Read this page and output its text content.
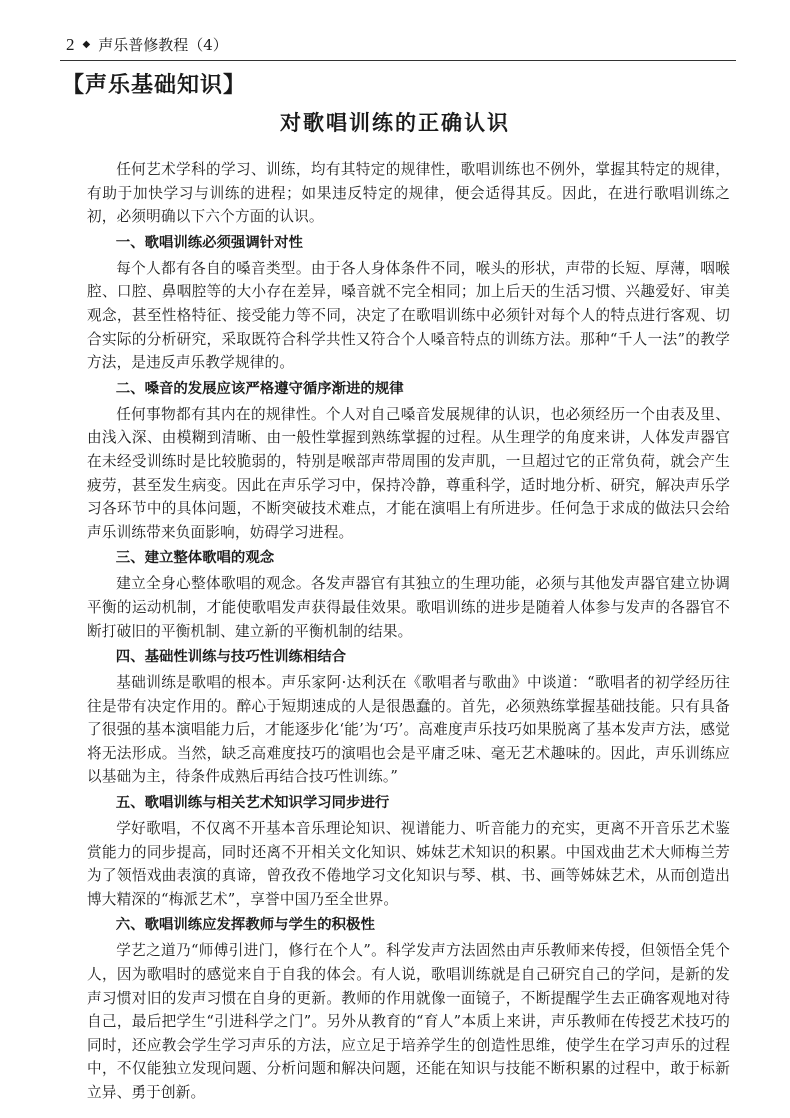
2 ◆ 声乐普修教程（4）
【声乐基础知识】
对歌唱训练的正确认识

任何艺术学科的学习、训练，均有其特定的规律性，歌唱训练也不例外，掌握其特定的规律，有助于加快学习与训练的进程；如果违反特定的规律，便会适得其反。因此，在进行歌唱训练之初，必须明确以下六个方面的认识。

一、歌唱训练必须强调针对性

每个人都有各自的嗓音类型。由于各人身体条件不同，喉头的形状，声带的长短、厚薄，咽喉腔、口腔、鼻咽腔等的大小存在差异，嗓音就不完全相同；加上后天的生活习惯、兴趣爱好、审美观念，甚至性格特征、接受能力等不同，决定了在歌唱训练中必须针对每个人的特点进行客观、切合实际的分析研究，采取既符合科学共性又符合个人嗓音特点的训练方法。那种“千人一法”的教学方法，是违反声乐教学规律的。

二、嗓音的发展应该严格遵守循序渐进的规律

任何事物都有其内在的规律性。个人对自己嗓音发展规律的认识，也必须经历一个由表及里、由浅入深、由模糊到清晰、由一般性掌握到熟练掌握的过程。从生理学的角度来讲，人体发声器官在未经受训练时是比较脆弱的，特别是喉部声带周围的发声肌，一旦超过它的正常负荷，就会产生疲劳，甚至发生病变。因此在声乐学习中，保持冷静，尊重科学，适时地分析、研究，解决声乐学习各环节中的具体问题，不断突破技术难点，才能在演唱上有所进步。任何急于求成的做法只会给声乐训练带来负面影响，妨碍学习进程。

三、建立整体歌唱的观念

建立全身心整体歌唱的观念。各发声器官有其独立的生理功能，必须与其他发声器官建立协调平衡的运动机制，才能使歌唱发声获得最佳效果。歌唱训练的进步是随着人体参与发声的各器官不断打破旧的平衡机制、建立新的平衡机制的结果。

四、基础性训练与技巧性训练相结合

基础训练是歌唱的根本。声乐家阿·达利沃在《歌唱者与歌曲》中谈道：“歌唱者的初学经历往往是带有决定作用的。醉心于短期速成的人是很愚蠢的。首先，必须熟练掌握基础技能。只有具备了很强的基本演唱能力后，才能逐步化‘能’为‘巧’。高难度声乐技巧如果脱离了基本发声方法，感觉将无法形成。当然，缺乏高难度技巧的演唱也会是平庸乏味、毫无艺术趣味的。因此，声乐训练应以基础为主，待条件成熟后再结合技巧性训练。”

五、歌唱训练与相关艺术知识学习同步进行

学好歌唱，不仅离不开基本音乐理论知识、视谱能力、听音能力的充实，更离不开音乐艺术鉴赏能力的同步提高，同时还离不开相关文化知识、姊妹艺术知识的积累。中国戏曲艺术大师梅兰芳为了领悟戏曲表演的真谛，曾孜孜不倦地学习文化知识与琴、棋、书、画等姊妹艺术，从而创造出博大精深的“梅派艺术”，享誉中国乃至全世界。

六、歌唱训练应发挥教师与学生的积极性

学艺之道乃“师傅引进门，修行在个人”。科学发声方法固然由声乐教师来传授，但领悟全凭个人，因为歌唱时的感觉来自于自我的体会。有人说，歌唱训练就是自己研究自己的学问，是新的发声习惯对旧的发声习惯在自身的更新。教师的作用就像一面镜子，不断提醒学生去正确客观地对待自己，最后把学生“引进科学之门”。另外从教育的“育人”本质上来讲，声乐教师在传授艺术技巧的同时，还应教会学生学习声乐的方法，应立足于培养学生的创造性思维，使学生在学习声乐的过程中，不仅能独立发现问题、分析问题和解决问题，还能在知识与技能不断积累的过程中，敢于标新立异、勇于创新。
